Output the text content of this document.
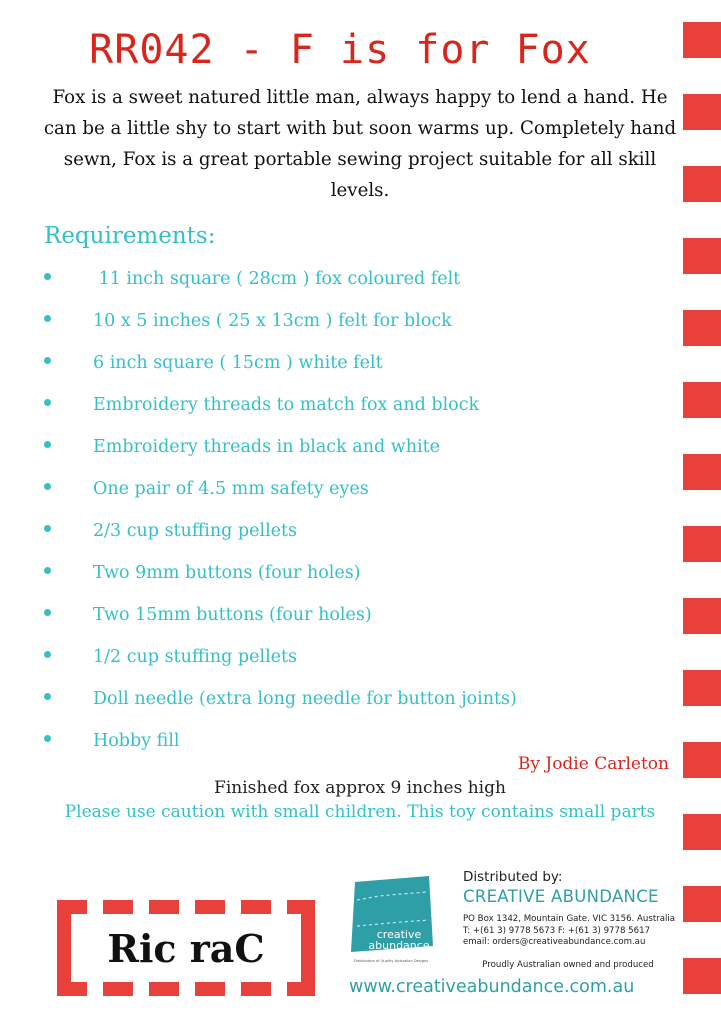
RR042 - F is for Fox
Fox is a sweet natured little man, always happy to lend a hand. He can be a little shy to start with but soon warms up. Completely hand sewn, Fox is a great portable sewing project suitable for all skill levels.
Requirements:
11 inch square ( 28cm ) fox coloured felt
10 x 5 inches ( 25 x 13cm ) felt for block
6 inch square ( 15cm ) white felt
Embroidery threads to match fox and block
Embroidery threads in black and white
One pair of 4.5 mm safety eyes
2/3 cup stuffing pellets
Two 9mm buttons (four holes)
Two 15mm buttons (four holes)
1/2 cup stuffing pellets
Doll needle (extra long needle for button joints)
Hobby fill
By Jodie Carleton
Finished fox approx 9 inches high
Please use caution with small children. This toy contains small parts
Ric raC	creative
abundance
Distributors of Quality Australian Designs
Distributed by:
CREATIVE ABUNDANCE
PO Box 1342, Mountain Gate. VIC 3156. Australia
T: +(61 3) 9778 5673 F: +(61 3) 9778 5617
email: orders@creativeabundance.com.au
Proudly Australian owned and produced
www.creativeabundance.com.au
